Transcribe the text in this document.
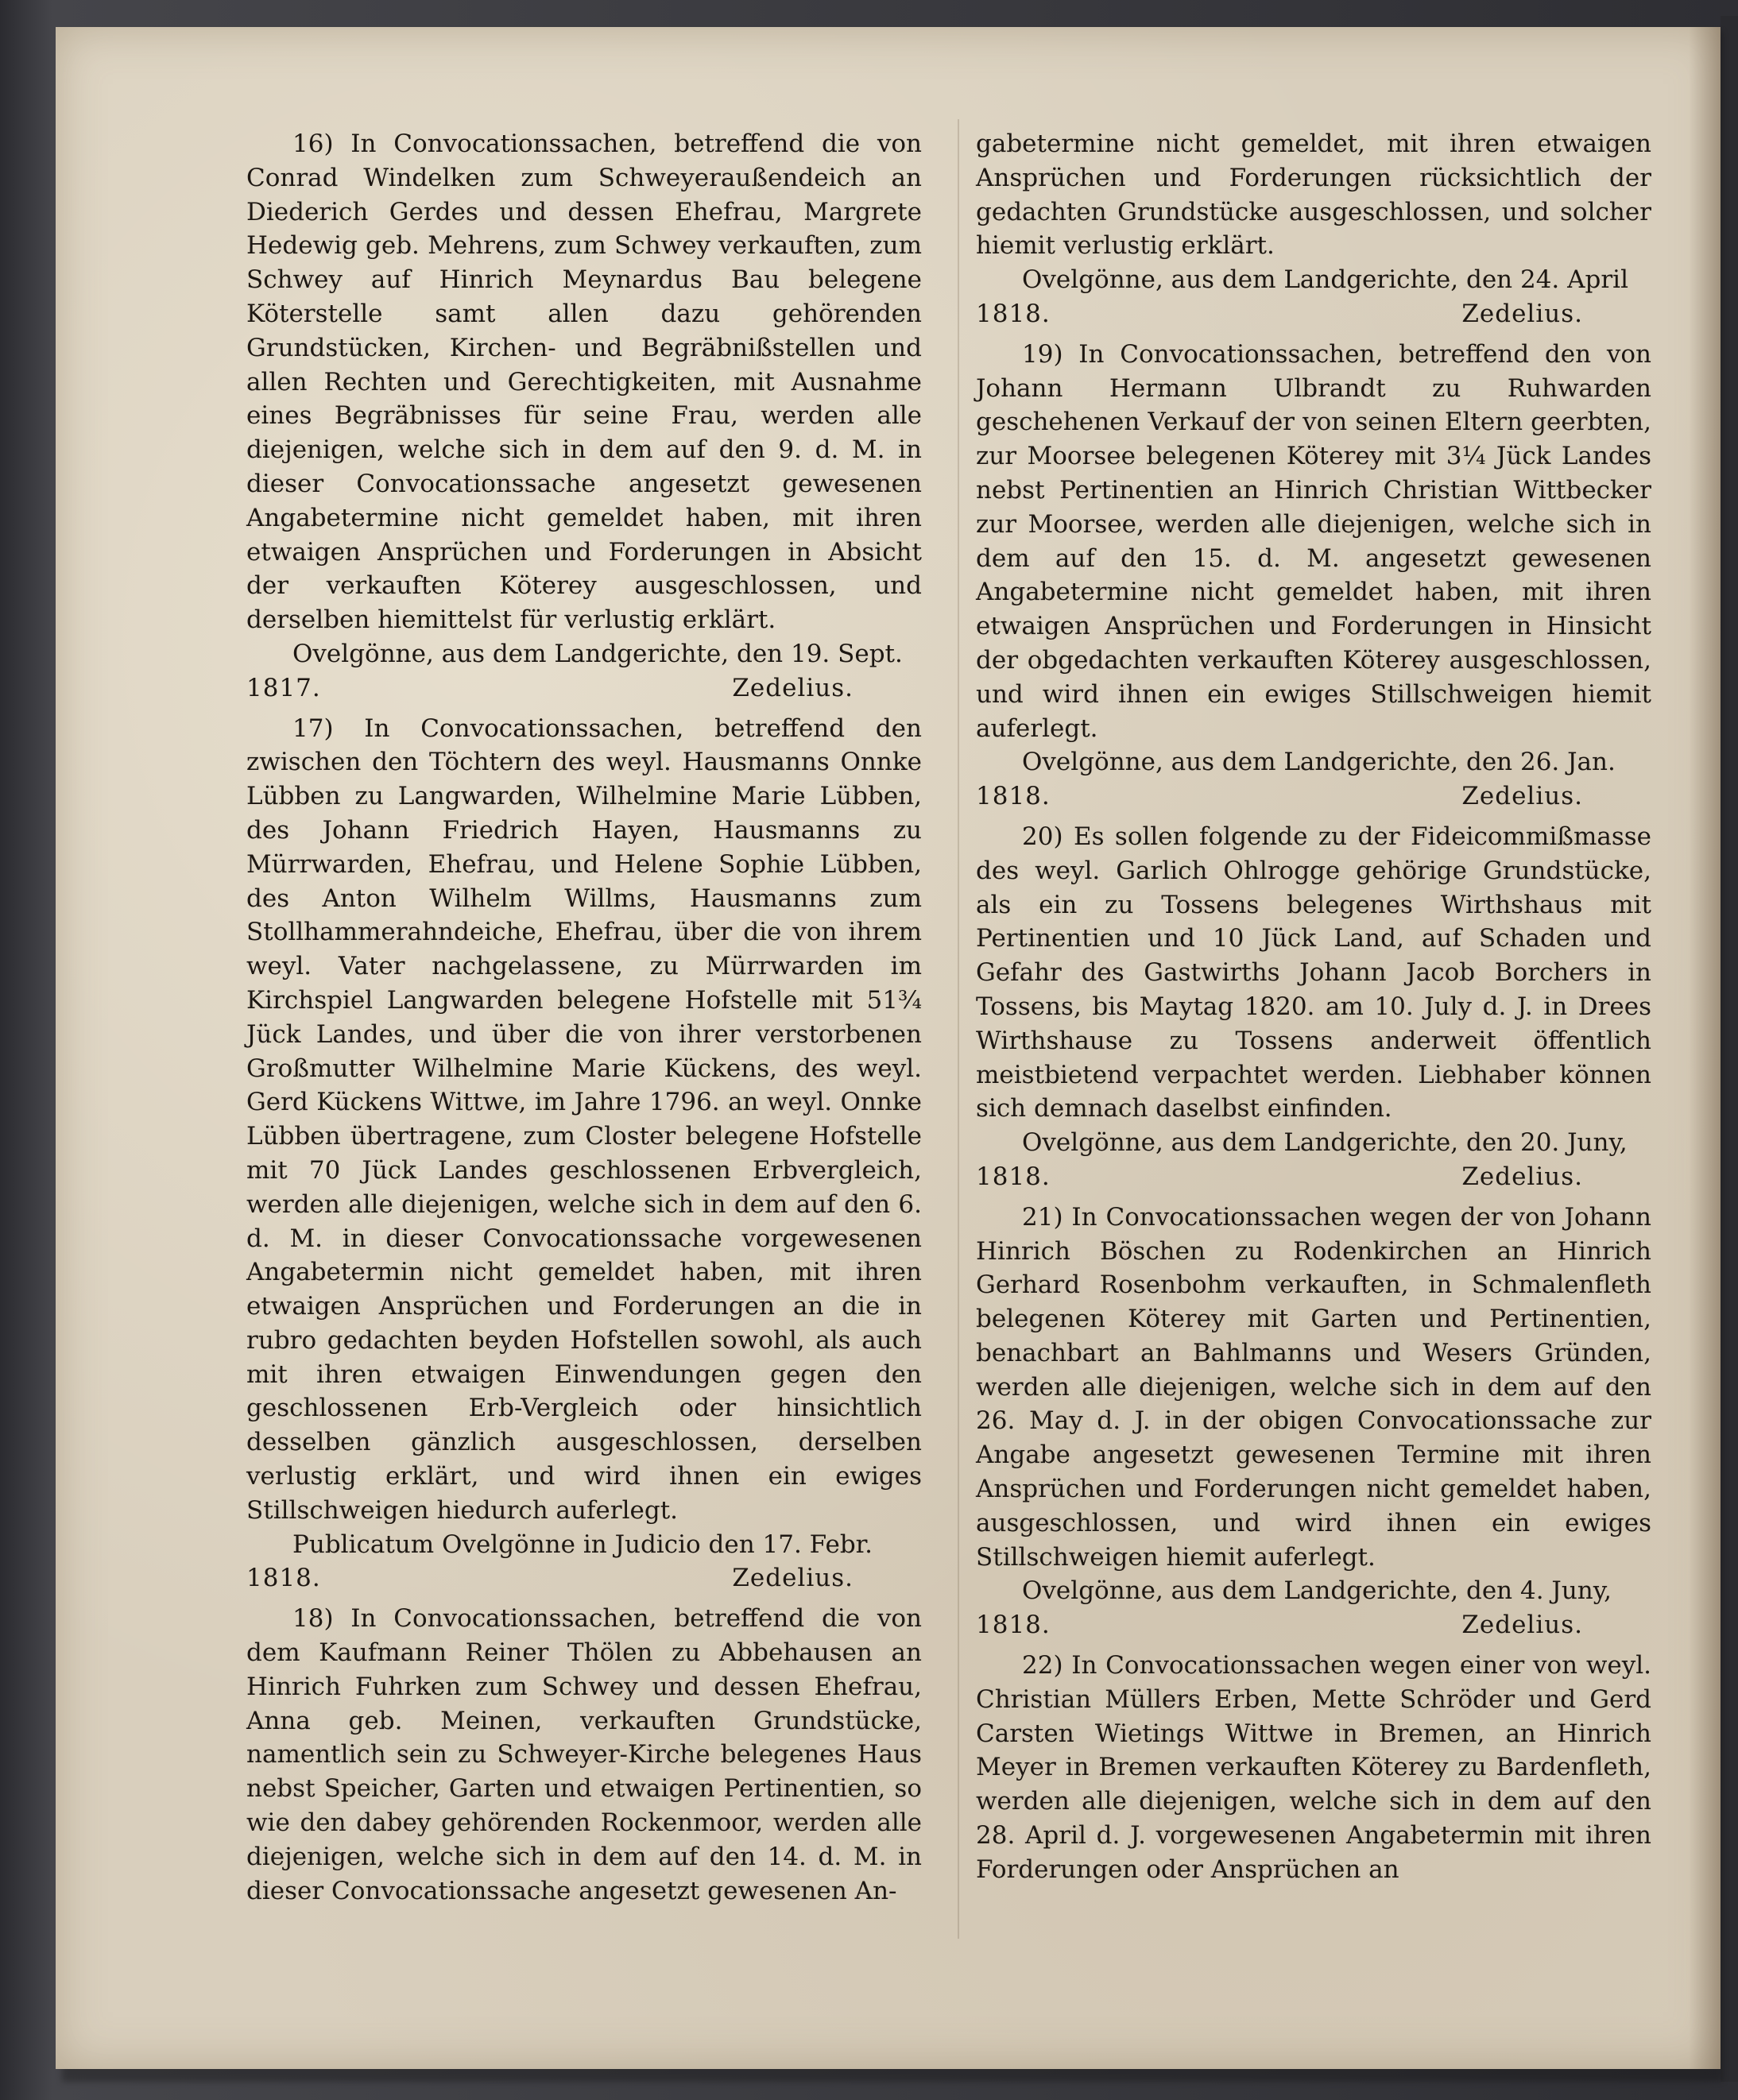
16) In Convocationssachen, betreffend die von Conrad Windelken zum Schweyeraußendeich an Diederich Gerdes und dessen Ehefrau, Margrete Hedewig geb. Mehrens, zum Schwey verkauften, zum Schwey auf Hinrich Meynardus Bau belegene Köterstelle samt allen dazu gehörenden Grundstücken, Kirchen- und Begräbnißstellen und allen Rechten und Gerechtigkeiten, mit Ausnahme eines Begräbnisses für seine Frau, werden alle diejenigen, welche sich in dem auf den 9. d. M. in dieser Convocationssache angesetzt gewesenen Angabetermine nicht gemeldet haben, mit ihren etwaigen Ansprüchen und Forderungen in Absicht der verkauften Köterey ausgeschlossen, und derselben hiemittelst für verlustig erklärt.

Ovelgönne, aus dem Landgerichte, den 19. Sept.

1817.	Zedelius.

17) In Convocationssachen, betreffend den zwischen den Töchtern des weyl. Hausmanns Onnke Lübben zu Langwarden, Wilhelmine Marie Lübben, des Johann Friedrich Hayen, Hausmanns zu Mürrwarden, Ehefrau, und Helene Sophie Lübben, des Anton Wilhelm Willms, Hausmanns zum Stollhammerahndeiche, Ehefrau, über die von ihrem weyl. Vater nachgelassene, zu Mürrwarden im Kirchspiel Langwarden belegene Hofstelle mit 51¾ Jück Landes, und über die von ihrer verstorbenen Großmutter Wilhelmine Marie Kückens, des weyl. Gerd Kückens Wittwe, im Jahre 1796. an weyl. Onnke Lübben übertragene, zum Closter belegene Hofstelle mit 70 Jück Landes geschlossenen Erbvergleich, werden alle diejenigen, welche sich in dem auf den 6. d. M. in dieser Convocationssache vorgewesenen Angabetermin nicht gemeldet haben, mit ihren etwaigen Ansprüchen und Forderungen an die in rubro gedachten beyden Hofstellen sowohl, als auch mit ihren etwaigen Einwendungen gegen den geschlossenen Erb-Vergleich oder hinsichtlich desselben gänzlich ausgeschlossen, derselben verlustig erklärt, und wird ihnen ein ewiges Stillschweigen hiedurch auferlegt.

Publicatum Ovelgönne in Judicio den 17. Febr.

1818.	Zedelius.

18) In Convocationssachen, betreffend die von dem Kaufmann Reiner Thölen zu Abbehausen an Hinrich Fuhrken zum Schwey und dessen Ehefrau, Anna geb. Meinen, verkauften Grundstücke, namentlich sein zu Schweyer-Kirche belegenes Haus nebst Speicher, Garten und etwaigen Pertinentien, so wie den dabey gehörenden Rockenmoor, werden alle diejenigen, welche sich in dem auf den 14. d. M. in dieser Convocationssache angesetzt gewesenen An-

gabetermine nicht gemeldet, mit ihren etwaigen Ansprüchen und Forderungen rücksichtlich der gedachten Grundstücke ausgeschlossen, und solcher hiemit verlustig erklärt.

Ovelgönne, aus dem Landgerichte, den 24. April

1818.	Zedelius.

19) In Convocationssachen, betreffend den von Johann Hermann Ulbrandt zu Ruhwarden geschehenen Verkauf der von seinen Eltern geerbten, zur Moorsee belegenen Köterey mit 3¼ Jück Landes nebst Pertinentien an Hinrich Christian Wittbecker zur Moorsee, werden alle diejenigen, welche sich in dem auf den 15. d. M. angesetzt gewesenen Angabetermine nicht gemeldet haben, mit ihren etwaigen Ansprüchen und Forderungen in Hinsicht der obgedachten verkauften Köterey ausgeschlossen, und wird ihnen ein ewiges Stillschweigen hiemit auferlegt.

Ovelgönne, aus dem Landgerichte, den 26. Jan.

1818.	Zedelius.

20) Es sollen folgende zu der Fideicommißmasse des weyl. Garlich Ohlrogge gehörige Grundstücke, als ein zu Tossens belegenes Wirthshaus mit Pertinentien und 10 Jück Land, auf Schaden und Gefahr des Gastwirths Johann Jacob Borchers in Tossens, bis Maytag 1820. am 10. July d. J. in Drees Wirthshause zu Tossens anderweit öffentlich meistbietend verpachtet werden. Liebhaber können sich demnach daselbst einfinden.

Ovelgönne, aus dem Landgerichte, den 20. Juny,

1818.	Zedelius.

21) In Convocationssachen wegen der von Johann Hinrich Böschen zu Rodenkirchen an Hinrich Gerhard Rosenbohm verkauften, in Schmalenfleth belegenen Köterey mit Garten und Pertinentien, benachbart an Bahlmanns und Wesers Gründen, werden alle diejenigen, welche sich in dem auf den 26. May d. J. in der obigen Convocationssache zur Angabe angesetzt gewesenen Termine mit ihren Ansprüchen und Forderungen nicht gemeldet haben, ausgeschlossen, und wird ihnen ein ewiges Stillschweigen hiemit auferlegt.

Ovelgönne, aus dem Landgerichte, den 4. Juny,

1818.	Zedelius.

22) In Convocationssachen wegen einer von weyl. Christian Müllers Erben, Mette Schröder und Gerd Carsten Wietings Wittwe in Bremen, an Hinrich Meyer in Bremen verkauften Köterey zu Bardenfleth, werden alle diejenigen, welche sich in dem auf den 28. April d. J. vorgewesenen Angabetermin mit ihren Forderungen oder Ansprüchen an
